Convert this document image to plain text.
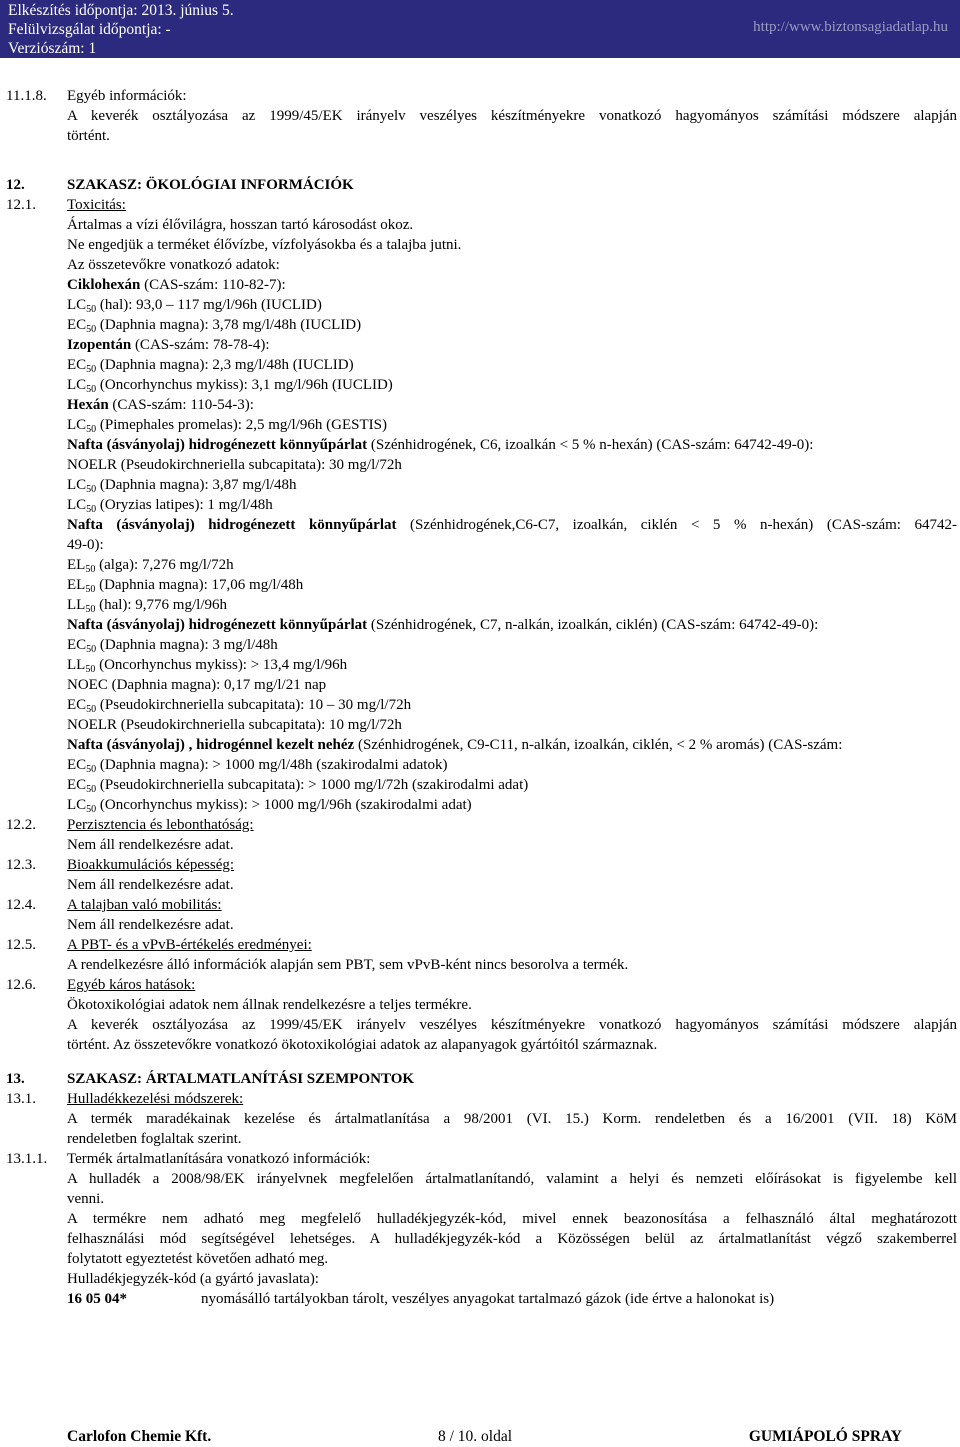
Elkészítés időpontja: 2013. június 5.
Felülvizsgálat időpontja: -
Verziószám: 1
http://www.biztonsagiadatlap.hu
11.1.8. Egyéb információk:
A keverék osztályozása az 1999/45/EK irányelv veszélyes készítményekre vonatkozó hagyományos számítási módszere alapján
történt.
12.	SZAKASZ: ÖKOLÓGIAI INFORMÁCIÓK
12.1. Toxicitás:
Ártalmas a vízi élővilágra, hosszan tartó károsodást okoz.
Ne engedjük a terméket élővízbe, vízfolyásokba és a talajba jutni.
Az összetevőkre vonatkozó adatok:
Ciklohexán (CAS-szám: 110-82-7):
$LC_{50}$ (hal): 93,0 – 117 mg/l/96h (IUCLID)
$EC_{50}$ (Daphnia magna): 3,78 mg/l/48h (IUCLID)
Izopentán (CAS-szám: 78-78-4):
$EC_{50}$ (Daphnia magna): 2,3 mg/l/48h (IUCLID)
$LC_{50}$ (Oncorhynchus mykiss): 3,1 mg/l/96h (IUCLID)
Hexán (CAS-szám: 110-54-3):
$LC_{50}$ (Pimephales promelas): 2,5 mg/l/96h (GESTIS)
Nafta (ásványolaj) hidrogénezett könnyűpárlat (Szénhidrogének, C6, izoalkán < 5 % n-hexán) (CAS-szám: 64742-49-0):
NOELR (Pseudokirchneriella subcapitata): 30 mg/l/72h
$LC_{50}$ (Daphnia magna): 3,87 mg/l/48h
$LC_{50}$ (Oryzias latipes): 1 mg/l/48h
Nafta (ásványolaj) hidrogénezett könnyűpárlat (Szénhidrogének,C6-C7, izoalkán, ciklén < 5 % n-hexán) (CAS-szám: 64742-
49-0):
$EL_{50}$ (alga): 7,276 mg/l/72h
$EL_{50}$ (Daphnia magna): 17,06 mg/l/48h
$LL_{50}$ (hal): 9,776 mg/l/96h
Nafta (ásványolaj) hidrogénezett könnyűpárlat (Szénhidrogének, C7, n-alkán, izoalkán, ciklén) (CAS-szám: 64742-49-0):
$EC_{50}$ (Daphnia magna): 3 mg/l/48h
$LL_{50}$ (Oncorhynchus mykiss): > 13,4 mg/l/96h
NOEC (Daphnia magna): 0,17 mg/l/21 nap
$EC_{50}$ (Pseudokirchneriella subcapitata): 10 – 30 mg/l/72h
NOELR (Pseudokirchneriella subcapitata): 10 mg/l/72h
Nafta (ásványolaj) , hidrogénnel kezelt nehéz (Szénhidrogének, C9-C11, n-alkán, izoalkán, ciklén, < 2 % aromás) (CAS-szám:
$EC_{50}$ (Daphnia magna): > 1000 mg/l/48h (szakirodalmi adatok)
$EC_{50}$ (Pseudokirchneriella subcapitata): > 1000 mg/l/72h (szakirodalmi adat)
$LC_{50}$ (Oncorhynchus mykiss): > 1000 mg/l/96h (szakirodalmi adat)
12.2. Perzisztencia és lebonthatóság:
Nem áll rendelkezésre adat.
12.3. Bioakkumulációs képesség:
Nem áll rendelkezésre adat.
12.4. A talajban való mobilitás:
Nem áll rendelkezésre adat.
12.5. A PBT- és a vPvB-értékelés eredményei:
A rendelkezésre álló információk alapján sem PBT, sem vPvB-ként nincs besorolva a termék.
12.6. Egyéb káros hatások:
Ökotoxikológiai adatok nem állnak rendelkezésre a teljes termékre.
A keverék osztályozása az 1999/45/EK irányelv veszélyes készítményekre vonatkozó hagyományos számítási módszere alapján
történt. Az összetevőkre vonatkozó ökotoxikológiai adatok az alapanyagok gyártóitól származnak.
13.	SZAKASZ: ÁRTALMATLANÍTÁSI SZEMPONTOK
13.1. Hulladékkezelési módszerek:
A termék maradékainak kezelése és ártalmatlanítása a 98/2001 (VI. 15.) Korm. rendeletben és a 16/2001 (VII. 18) KöM
rendeletben foglaltak szerint.
13.1.1. Termék ártalmatlanítására vonatkozó információk:
A hulladék a 2008/98/EK irányelvnek megfelelően ártalmatlanítandó, valamint a helyi és nemzeti előírásokat is figyelembe kell
venni.
A termékre nem adható meg megfelelő hulladékjegyzék-kód, mivel ennek beazonosítása a felhasználó által meghatározott
felhasználási mód segítségével lehetséges. A hulladékjegyzék-kód a Közösségen belül az ártalmatlanítást végző szakemberrel
folytatott egyeztetést követően adható meg.
Hulladékjegyzék-kód (a gyártó javaslata):
16 05 04*	nyomásálló tartályokban tárolt, veszélyes anyagokat tartalmazó gázok (ide értve a halonokat is)
Carlofon Chemie Kft.	8 / 10. oldal	GUMIÁPOLÓ SPRAY
